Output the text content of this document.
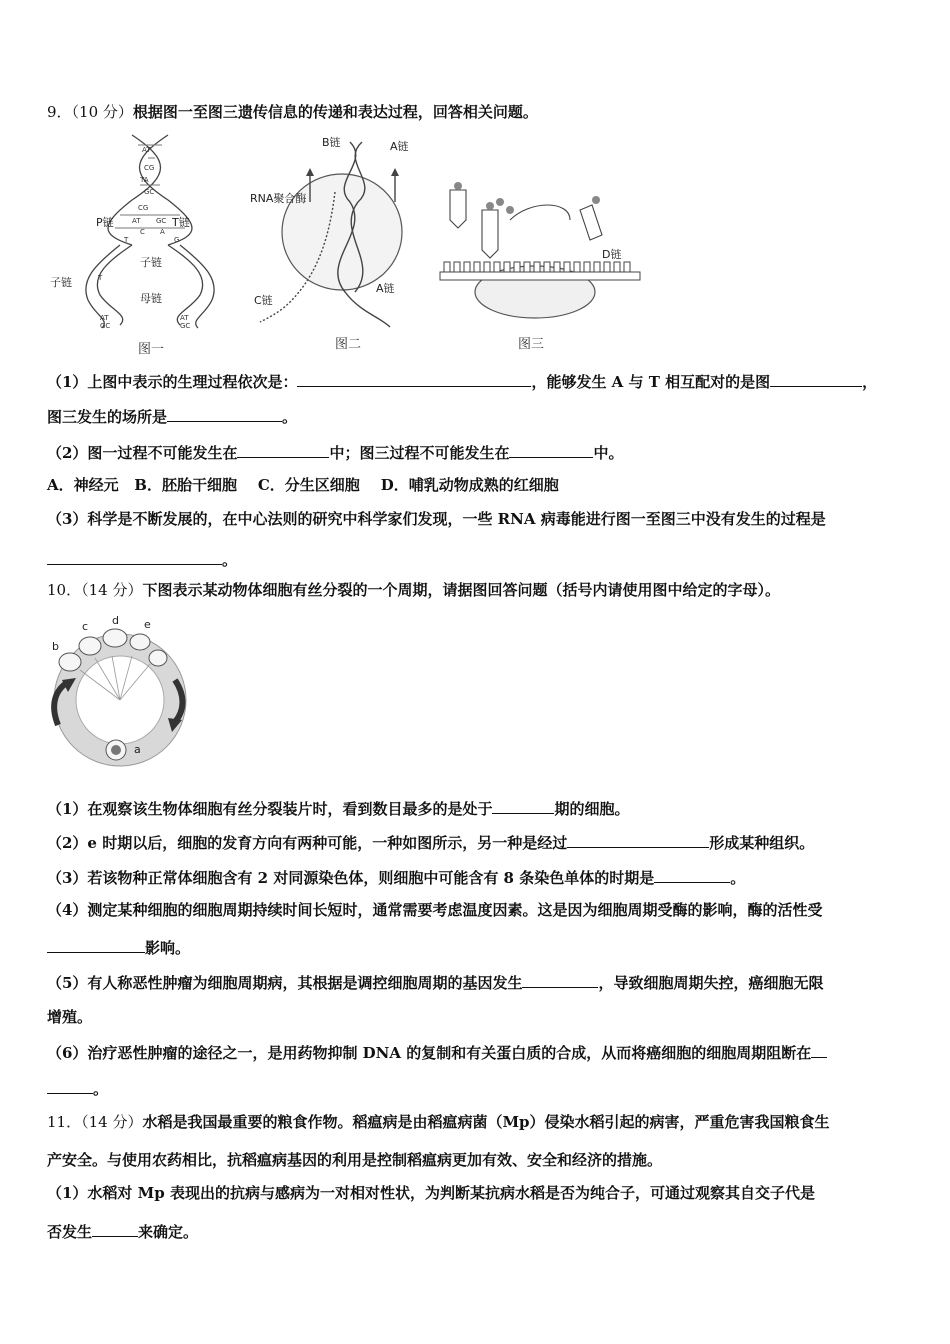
9．（10 分）根据图一至图三遗传信息的传递和表达过程，回答相关问题。
AT
CG
TA
GC
CG
AT GC
C
T
A
G
T
AT
GC
AT
GC
P链	T链
子链
子链
母链
图一
B链	A链
RNA聚合酶
C链
A链
图二
D链
图三
（1）上图中表示的生理过程依次是：	，能够发生 A 与 T 相互配对的是图	，
图三发生的场所是	。
（2）图一过程不可能发生在	中；图三过程不可能发生在	中。
A．神经元   B．胚胎干细胞    C．分生区细胞    D．哺乳动物成熟的红细胞
（3）科学是不断发展的，在中心法则的研究中科学家们发现，一些 RNA 病毒能进行图一至图三中没有发生的过程是
。
10．（14 分）下图表示某动物体细胞有丝分裂的一个周期，请据图回答问题（括号内请使用图中给定的字母）。
a
b
c d e
（1）在观察该生物体细胞有丝分裂装片时，看到数目最多的是处于	期的细胞。
（2）e 时期以后，细胞的发育方向有两种可能，一种如图所示，另一种是经过	形成某种组织。
（3）若该物种正常体细胞含有 2 对同源染色体，则细胞中可能含有 8 条染色单体的时期是	。
（4）测定某种细胞的细胞周期持续时间长短时，通常需要考虑温度因素。这是因为细胞周期受酶的影响，酶的活性受
影响。
（5）有人称恶性肿瘤为细胞周期病，其根据是调控细胞周期的基因发生	，导致细胞周期失控，癌细胞无限
增殖。
（6）治疗恶性肿瘤的途径之一，是用药物抑制 DNA 的复制和有关蛋白质的合成，从而将癌细胞的细胞周期阻断在
。
11．（14 分）水稻是我国最重要的粮食作物。稻瘟病是由稻瘟病菌（Mp）侵染水稻引起的病害，严重危害我国粮食生
产安全。与使用农药相比，抗稻瘟病基因的利用是控制稻瘟病更加有效、安全和经济的措施。
（1）水稻对 Mp 表现出的抗病与感病为一对相对性状，为判断某抗病水稻是否为纯合子，可通过观察其自交子代是
否发生	来确定。
